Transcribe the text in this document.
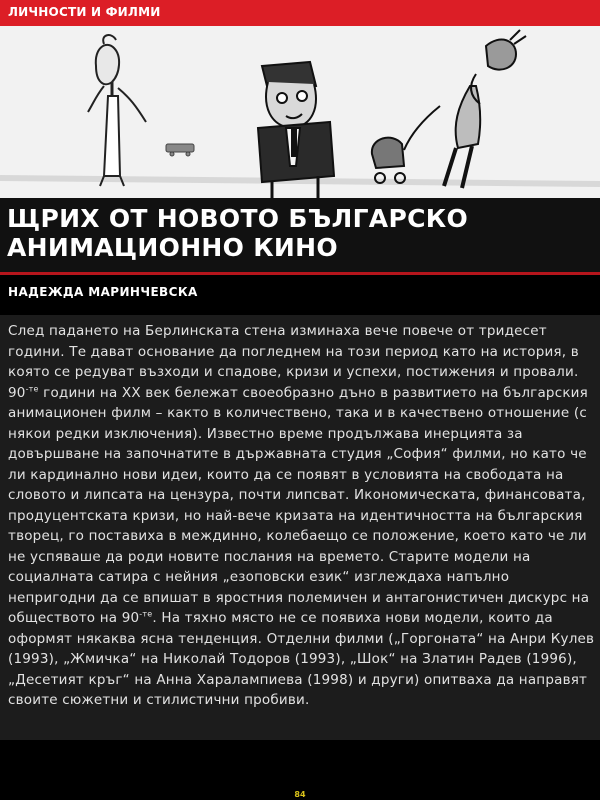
ЛИЧНОСТИ И ФИЛМИ
ЩРИХ ОТ НОВОТО БЪЛГАРСКО
АНИМАЦИОННО КИНО
НАДЕЖДА МАРИНЧЕВСКА

След падането на Берлинската стена изминаха вече повече от тридесет години. Те дават основание да погледнем на този период като на история, в която се редуват възходи и спадове, кризи и успехи, постижения и провали.

$90^{-те}$ години на XX век бележат своеобразно дъно в развитието на българския анимационен филм – както в количествено, така и в качествено отношение (с някои редки изключения). Известно време продължава инерцията за довършване на започнатите в държавната студия „София“ филми, но като че ли кардинално нови идеи, които да се появят в условията на свободата на словото и липсата на цензура, почти липсват. Икономическата, финансовата, продуцентската кризи, но най-вече кризата на идентичността на българския творец, го поставиха в междинно, колебаещо се положение, което като че ли не успяваше да роди новите послания на времето. Старите модели на социалната сатира с нейния „езоповски език“ изглеждаха напълно непригодни да се впишат в яростния полемичен и антагонистичен дискурс на обществото на $90^{-те}$. На тяхно място не се появиха нови модели, които да оформят някаква ясна тенденция. Отделни филми („Горгоната“ на Анри Кулев (1993), „Жмичка“ на Николай Тодоров (1993), „Шок“ на Златин Радев (1996), „Десетият кръг“ на Анна Харалампиева (1998) и други) опитваха да направят своите сюжетни и стилистични пробиви.

84
